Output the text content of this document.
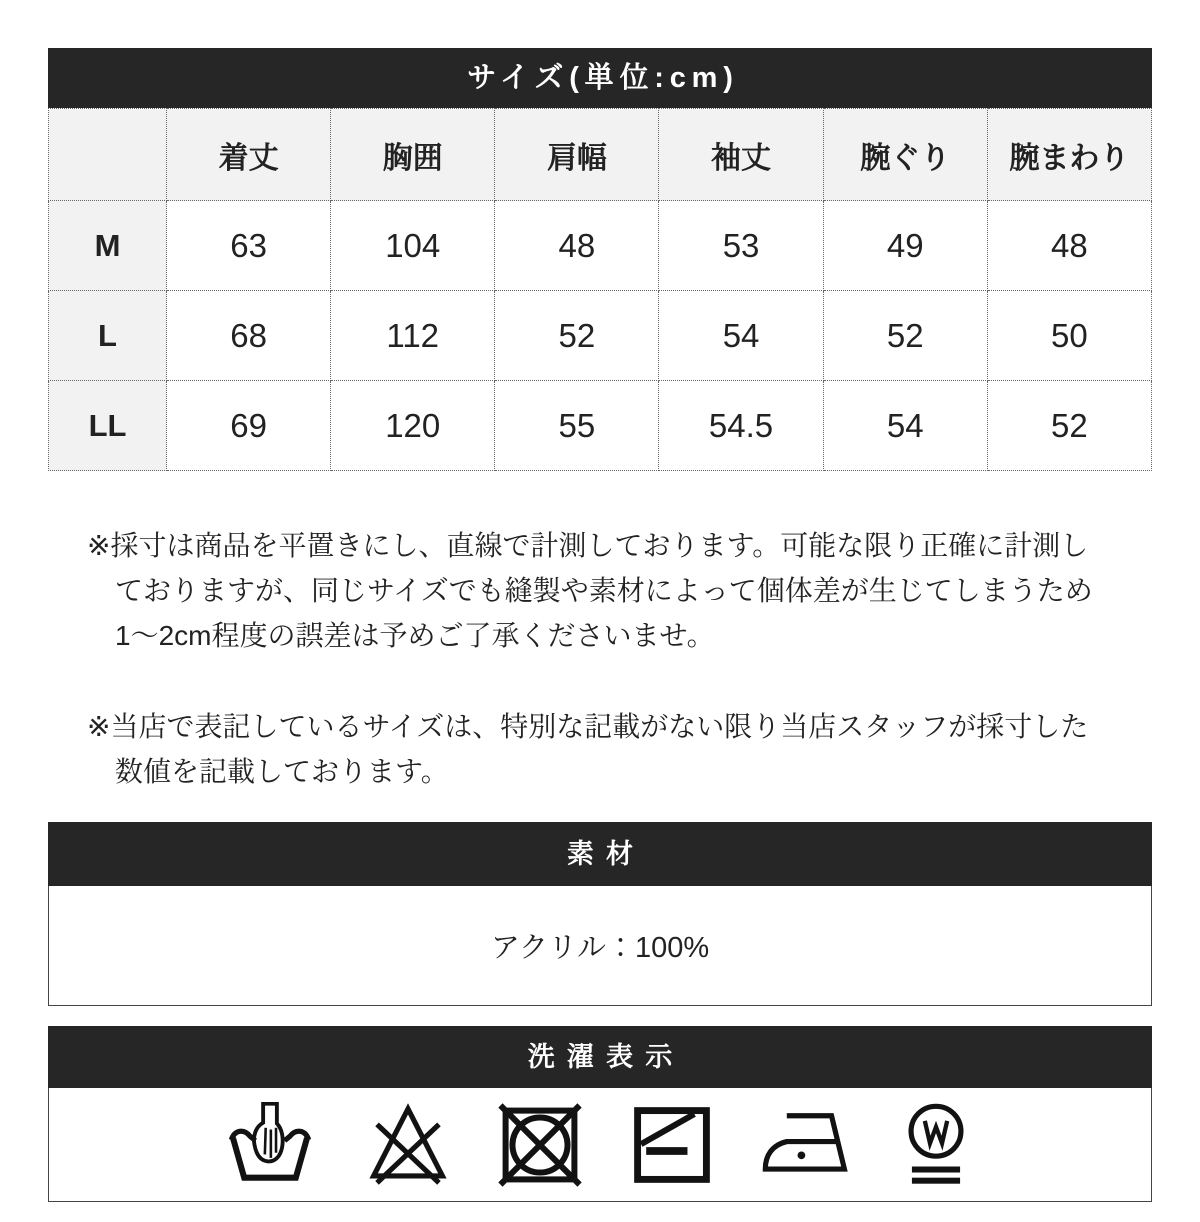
サイズ(単位:cm)
	着丈	胸囲	肩幅	袖丈	腕ぐり	腕まわり
M	63	104	48	53	49	48
L	68	112	52	54	52	50
LL	69	120	55	54.5	54	52

※採寸は商品を平置きにし、直線で計測しております。可能な限り正確に計測し
ておりますが、同じサイズでも縫製や素材によって個体差が生じてしまうため
1〜2cm程度の誤差は予めご了承くださいませ。

※当店で表記しているサイズは、特別な記載がない限り当店スタッフが採寸した
数値を記載しております。

素材
アクリル：100%
洗濯表示
